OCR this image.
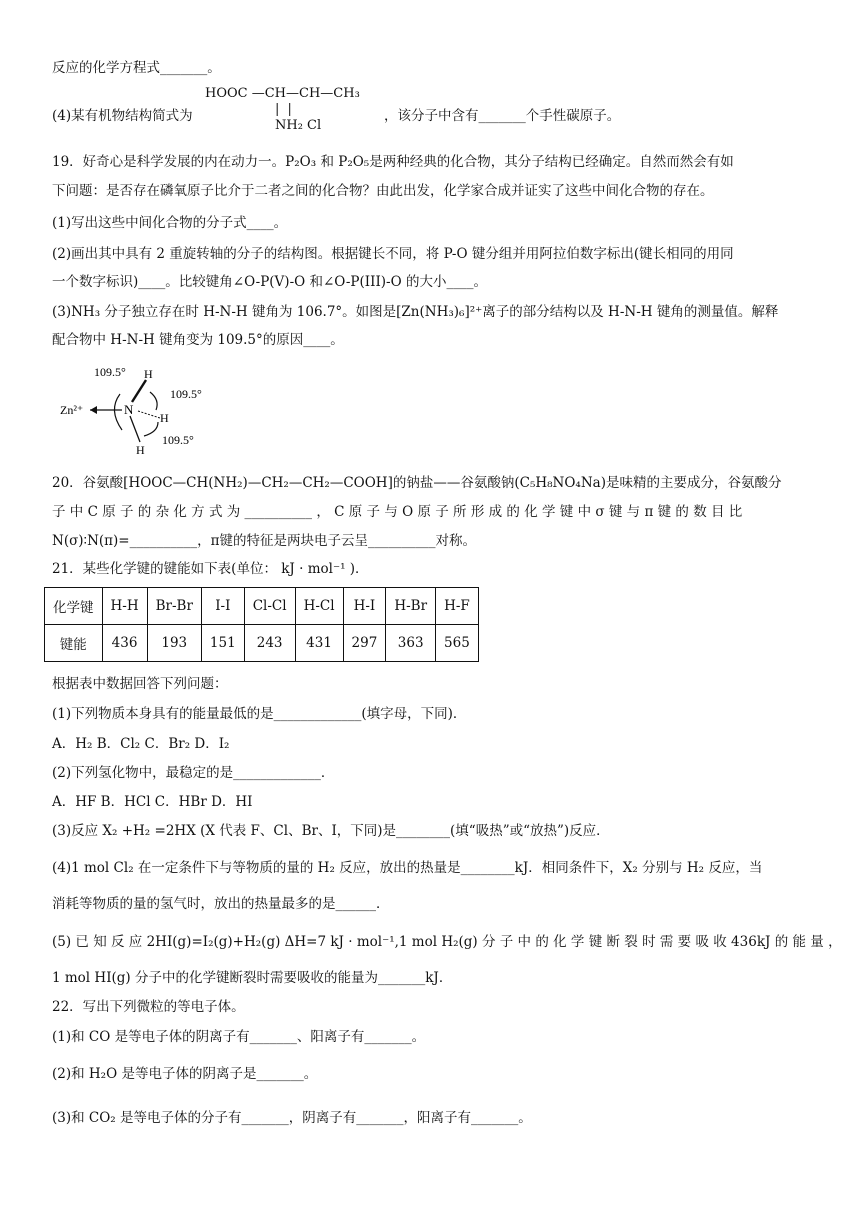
反应的化学方程式_______。
(4)某有机物结构简式为
HOOC —CH—CH—CH₃
| |
NH₂ Cl
，该分子中含有_______个手性碳原子。
19．好奇心是科学发展的内在动力一。P₂O₃ 和 P₂O₅是两种经典的化合物，其分子结构已经确定。自然而然会有如
下问题：是否存在磷氧原子比介于二者之间的化合物？由此出发，化学家合成并证实了这些中间化合物的存在。
(1)写出这些中间化合物的分子式____。
(2)画出其中具有 2 重旋转轴的分子的结构图。根据键长不同，将 P-O 键分组并用阿拉伯数字标出(键长相同的用同
一个数字标识)____。比较键角∠O-P(V)-O 和∠O-P(III)-O 的大小____。
(3)NH₃ 分子独立存在时 H-N-H 键角为 106.7°。如图是[Zn(NH₃)₆]²⁺离子的部分结构以及 H-N-H 键角的测量值。解释
配合物中 H-N-H 键角变为 109.5°的原因____。
109.5°
109.5°
109.5°
Zn²⁺	N
H
H
H
20．谷氨酸[HOOC—CH(NH₂)—CH₂—CH₂—COOH]的钠盐——谷氨酸钠(C₅H₈NO₄Na)是味精的主要成分，谷氨酸分
子 中 C 原 子 的 杂 化 方 式 为 __________ ， C 原 子 与 O 原 子 所 形 成 的 化 学 键 中 σ 键 与 π 键 的 数 目 比
N(σ)∶N(π)=__________，π键的特征是两块电子云呈__________对称。
21．某些化学键的键能如下表(单位： kJ · mol⁻¹ )．
化学键	H-H	Br-Br	I-I	Cl-Cl	H-Cl	H-I	H-Br	H-F
键能	436	193	151	243	431	297	363	565
根据表中数据回答下列问题：
(1)下列物质本身具有的能量最低的是_____________(填字母，下同)．
A．H₂ B．Cl₂ C．Br₂ D．I₂
(2)下列氢化物中，最稳定的是_____________．
A．HF B．HCl C．HBr D．HI
(3)反应 X₂ +H₂ =2HX (X 代表 F、Cl、Br、I，下同)是________(填“吸热”或“放热”)反应．
(4)1 mol Cl₂ 在一定条件下与等物质的量的 H₂ 反应，放出的热量是________kJ．相同条件下，X₂ 分别与 H₂ 反应，当
消耗等物质的量的氢气时，放出的热量最多的是______．
(5) 已 知 反 应 2HI(g)=I₂(g)+H₂(g) ΔH=7 kJ · mol⁻¹,1 mol H₂(g) 分 子 中 的 化 学 键 断 裂 时 需 要 吸 收 436kJ 的 能 量 ，
1 mol HI(g) 分子中的化学键断裂时需要吸收的能量为_______kJ．
22．写出下列微粒的等电子体。
(1)和 CO 是等电子体的阴离子有_______、阳离子有_______。
(2)和 H₂O 是等电子体的阴离子是_______。
(3)和 CO₂ 是等电子体的分子有_______，阴离子有_______，阳离子有_______。
